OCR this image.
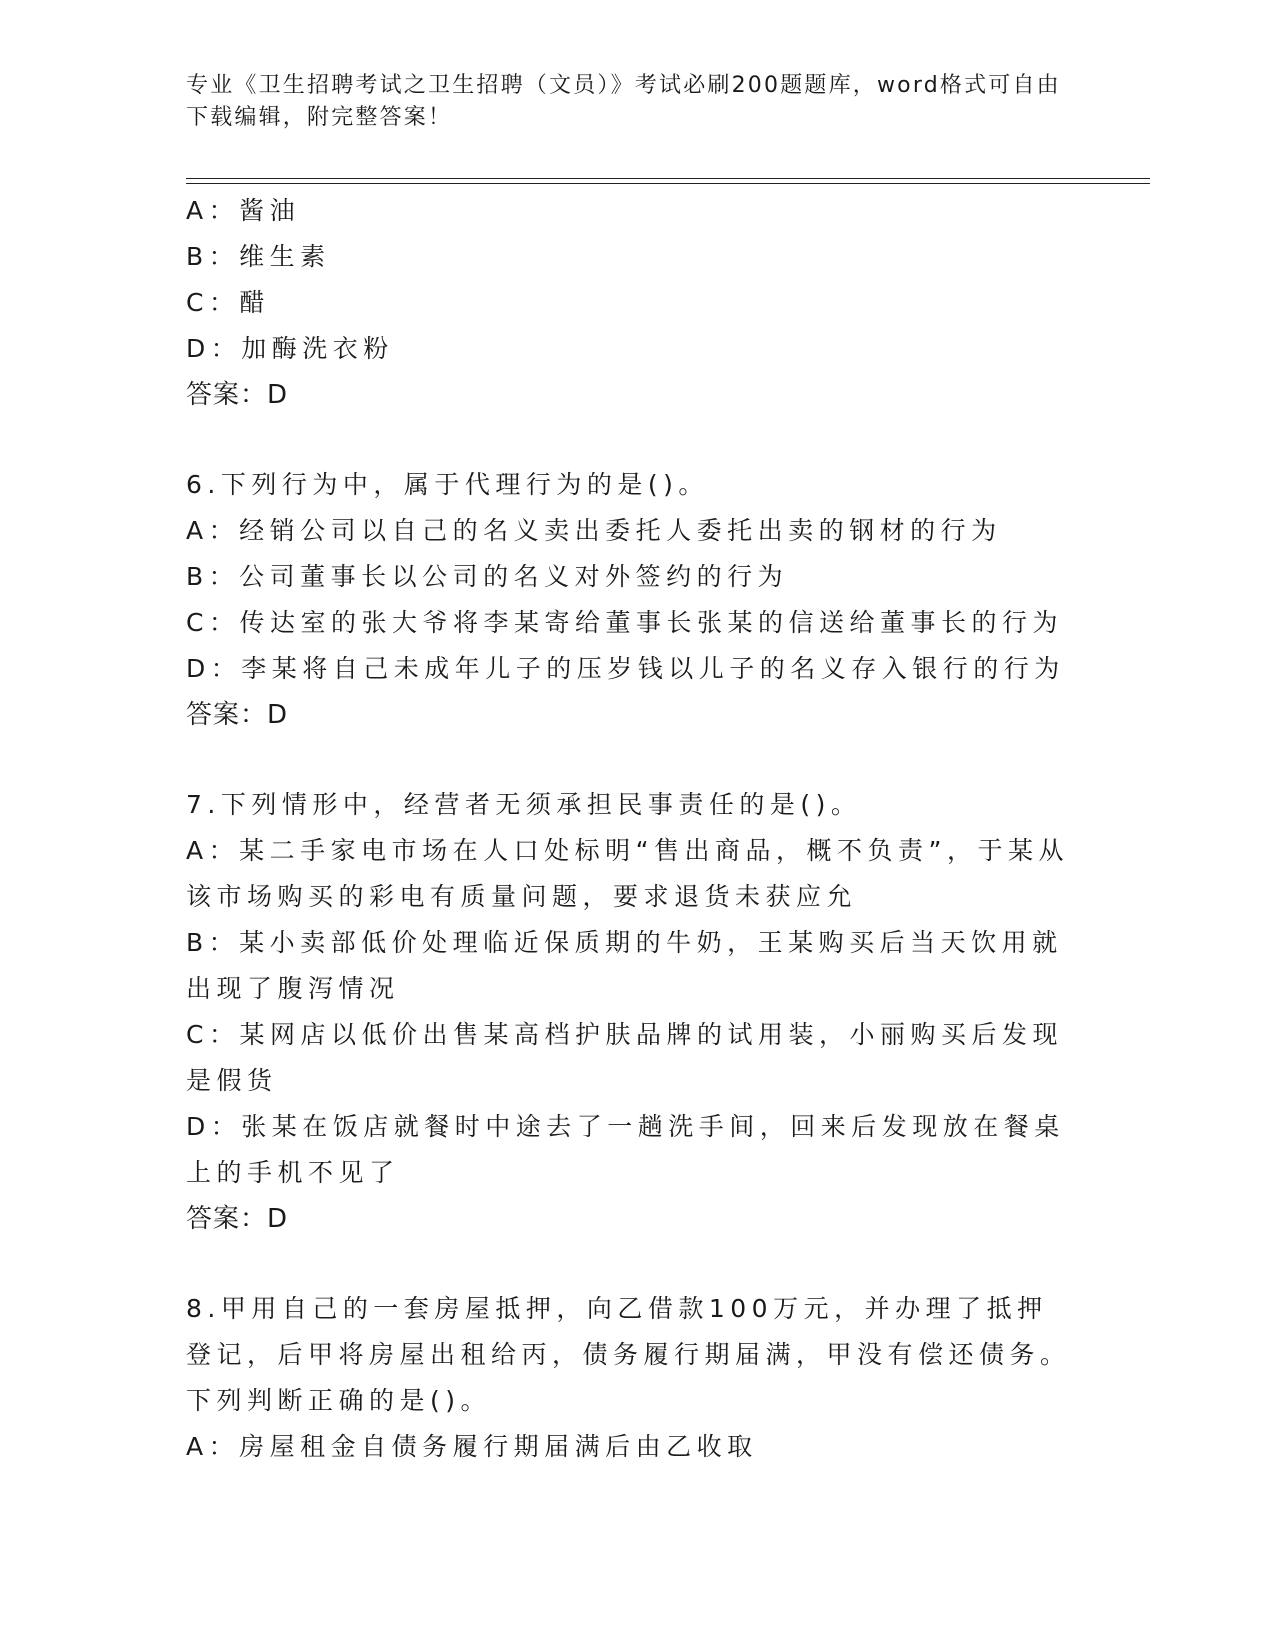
专业《卫生招聘考试之卫生招聘（文员）》考试必刷200题题库，word格式可自由下载编辑，附完整答案！
A：酱油
B：维生素
C：醋
D：加酶洗衣粉
答案：D
6.下列行为中，属于代理行为的是()。
A：经销公司以自己的名义卖出委托人委托出卖的钢材的行为
B：公司董事长以公司的名义对外签约的行为
C：传达室的张大爷将李某寄给董事长张某的信送给董事长的行为
D：李某将自己未成年儿子的压岁钱以儿子的名义存入银行的行为
答案：D
7.下列情形中，经营者无须承担民事责任的是()。
A：某二手家电市场在人口处标明“售出商品，概不负责”，于某从该市场购买的彩电有质量问题，要求退货未获应允
B：某小卖部低价处理临近保质期的牛奶，王某购买后当天饮用就出现了腹泻情况
C：某网店以低价出售某高档护肤品牌的试用装，小丽购买后发现是假货
D：张某在饭店就餐时中途去了一趟洗手间，回来后发现放在餐桌上的手机不见了
答案：D
8.甲用自己的一套房屋抵押，向乙借款100万元，并办理了抵押登记，后甲将房屋出租给丙，债务履行期届满，甲没有偿还债务。下列判断正确的是()。
A：房屋租金自债务履行期届满后由乙收取
